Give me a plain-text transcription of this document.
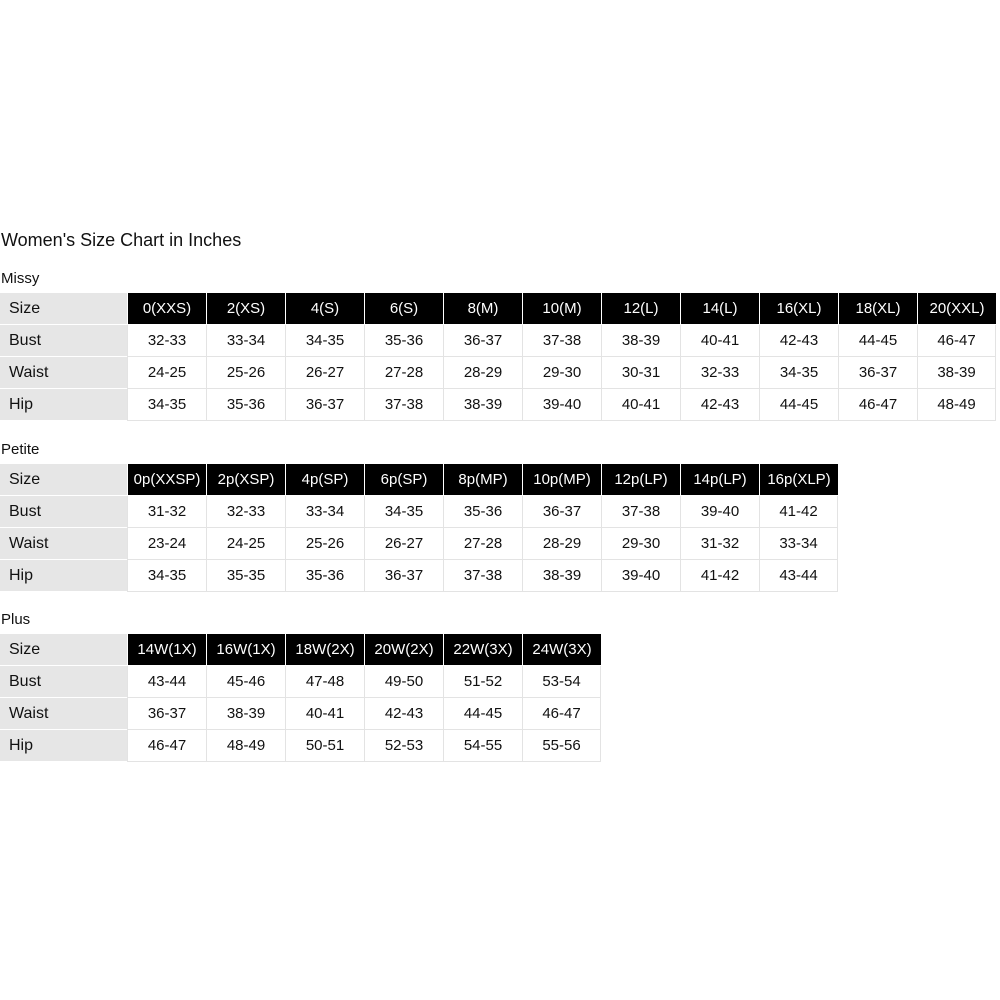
Women's Size Chart in Inches
Missy
Size	0(XXS)	2(XS)	4(S)	6(S)	8(M)	10(M)	12(L)	14(L)	16(XL)	18(XL)	20(XXL)
Bust	32-33	33-34	34-35	35-36	36-37	37-38	38-39	40-41	42-43	44-45	46-47
Waist	24-25	25-26	26-27	27-28	28-29	29-30	30-31	32-33	34-35	36-37	38-39
Hip	34-35	35-36	36-37	37-38	38-39	39-40	40-41	42-43	44-45	46-47	48-49
Petite
Size	0p(XXSP)	2p(XSP)	4p(SP)	6p(SP)	8p(MP)	10p(MP)	12p(LP)	14p(LP)	16p(XLP)
Bust	31-32	32-33	33-34	34-35	35-36	36-37	37-38	39-40	41-42
Waist	23-24	24-25	25-26	26-27	27-28	28-29	29-30	31-32	33-34
Hip	34-35	35-35	35-36	36-37	37-38	38-39	39-40	41-42	43-44
Plus
Size	14W(1X)	16W(1X)	18W(2X)	20W(2X)	22W(3X)	24W(3X)
Bust	43-44	45-46	47-48	49-50	51-52	53-54
Waist	36-37	38-39	40-41	42-43	44-45	46-47
Hip	46-47	48-49	50-51	52-53	54-55	55-56
